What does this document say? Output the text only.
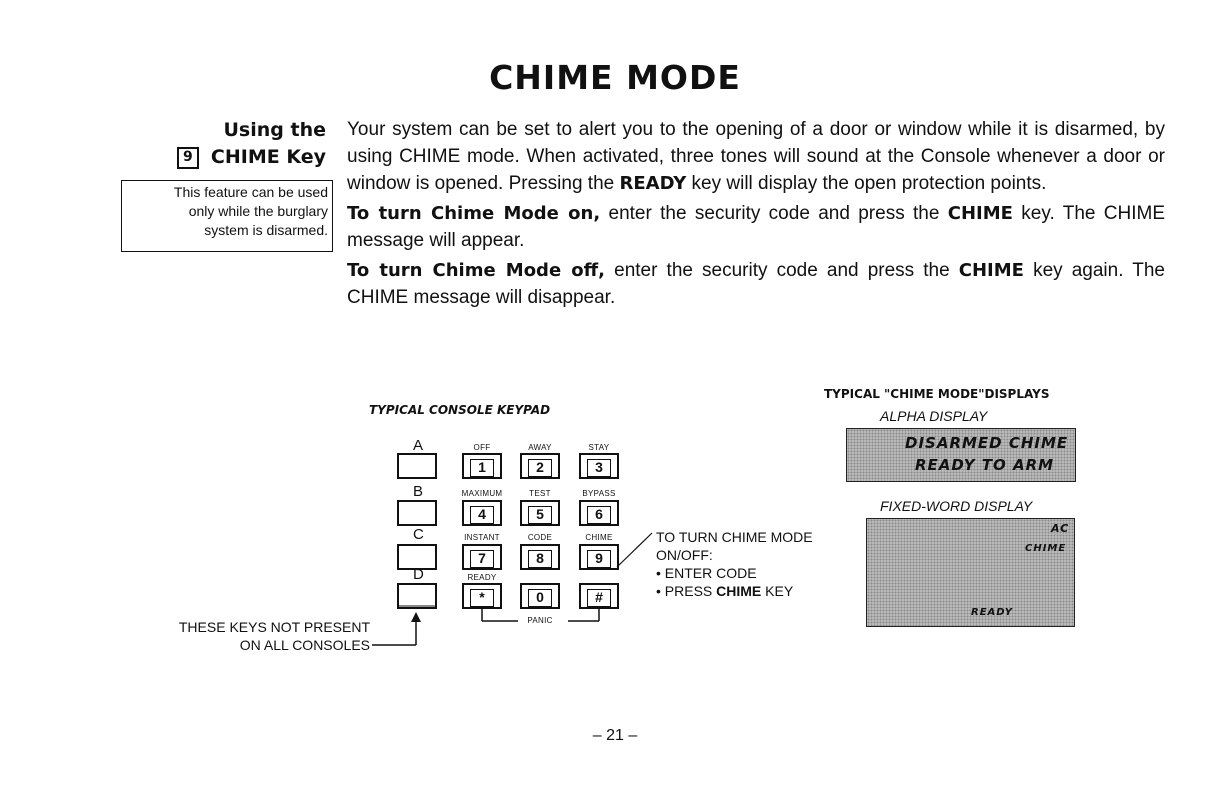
CHIME MODE
Using the
9 CHIME Key
This feature can be used
only while the burglary
system is disarmed.

Your system can be set to alert you to the opening of a door or window while it is disarmed, by using CHIME mode. When activated, three tones will sound at the Console whenever a door or window is opened. Pressing the READY key will display the open protection points.

To turn Chime Mode on, enter the security code and press the CHIME key. The CHIME message will appear.

To turn Chime Mode off, enter the security code and press the CHIME key again. The CHIME message will disappear.

TYPICAL CONSOLE KEYPAD
A
B
C
D
OFF
1
AWAY
2
STAY
3
MAXIMUM
4
TEST
5
BYPASS
6
INSTANT
7
CODE
8
CHIME
9
READY
*	0	#
PANIC
TO TURN CHIME MODE
ON/OFF:
• ENTER CODE
• PRESS CHIME KEY
THESE KEYS NOT PRESENT
ON ALL CONSOLES
TYPICAL "CHIME MODE"DISPLAYS
ALPHA DISPLAY
DISARMED CHIME
READY TO ARM
FIXED-WORD DISPLAY
AC
CHIME
READY
– 21 –
